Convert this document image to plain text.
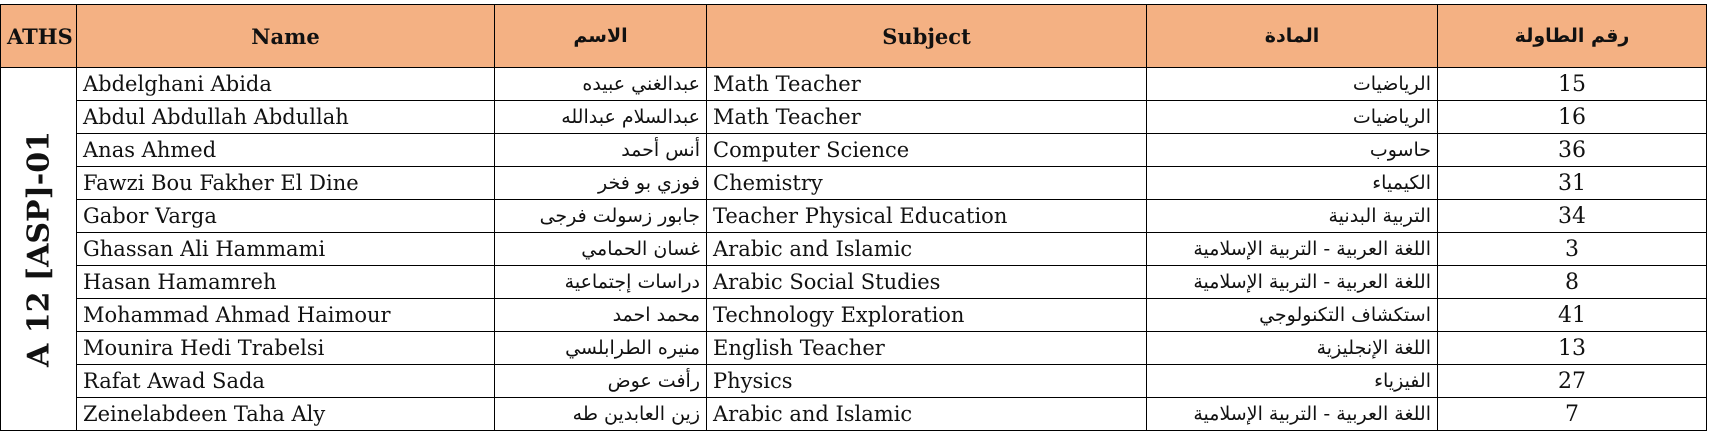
ATHS	Name	الاسم	Subject	المادة	رقم الطاولة

A 12 [ASP]-01	Abdelghani Abida	عبدالغني عبيده	Math Teacher	الرياضيات	15
	Abdul Abdullah Abdullah	عبدالسلام عبدالله	Math Teacher	الرياضيات	16
	Anas Ahmed	أنس أحمد	Computer Science	حاسوب	36
	Fawzi Bou Fakher El Dine	فوزي بو فخر	Chemistry	الكيمياء	31
	Gabor Varga	جابور زسولت فرجى	Teacher Physical Education	التربية البدنية	34
	Ghassan Ali Hammami	غسان الحمامي	Arabic and Islamic	اللغة العربية - التربية الإسلامية	3
	Hasan Hamamreh	دراسات إجتماعية	Arabic Social Studies	اللغة العربية - التربية الإسلامية	8
	Mohammad Ahmad Haimour	محمد احمد	Technology Exploration	استكشاف التكنولوجي	41
	Mounira Hedi Trabelsi	منيره الطرابلسي	English Teacher	اللغة الإنجليزية	13
	Rafat Awad Sada	رأفت عوض	Physics	الفيزياء	27
	Zeinelabdeen Taha Aly	زين العابدين طه	Arabic and Islamic	اللغة العربية - التربية الإسلامية	7
